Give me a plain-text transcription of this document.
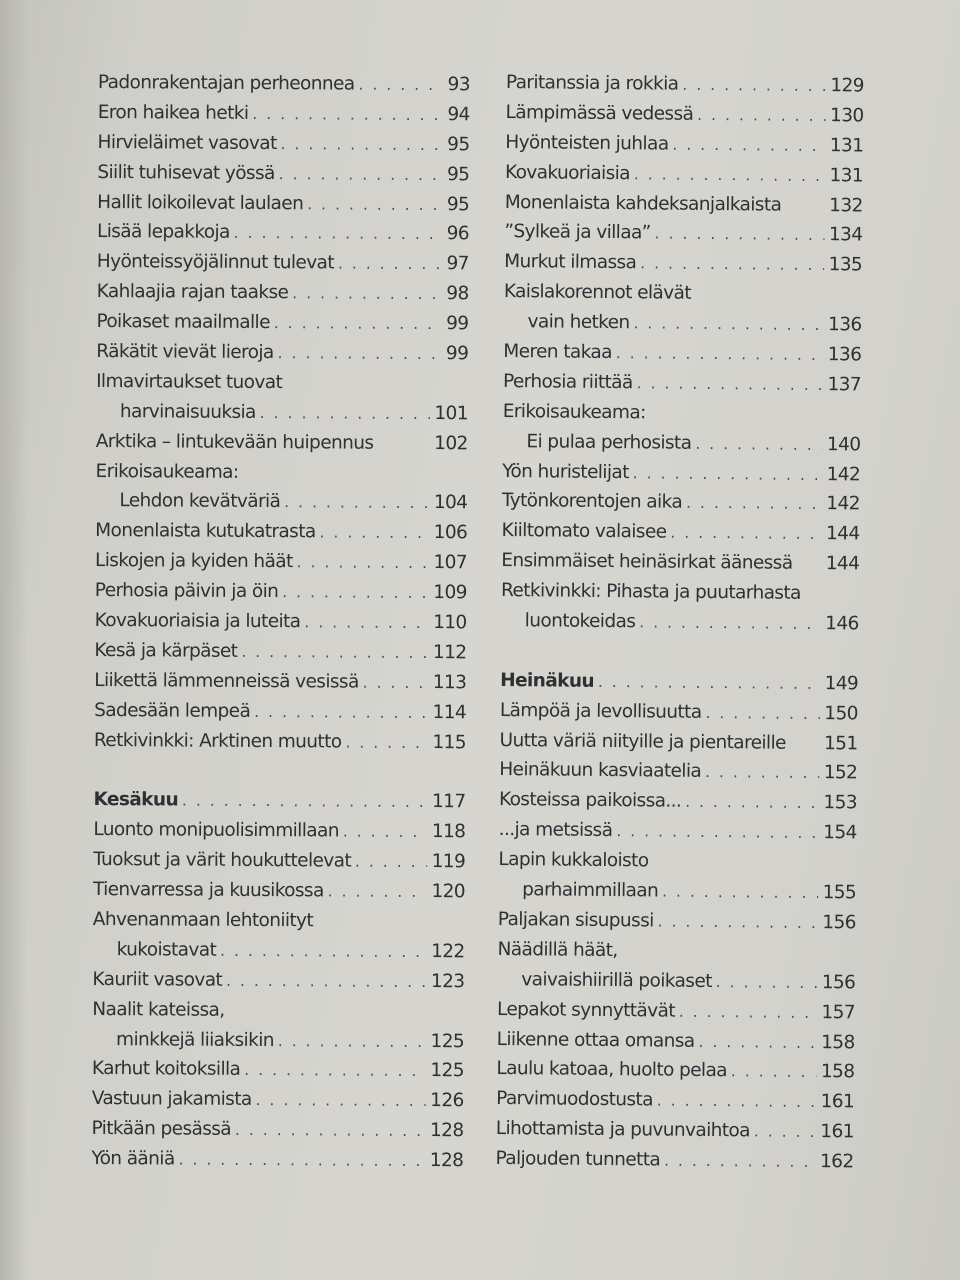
Padonrakentajan perheonnea . . .	93
Eron haikea hetki . . .	94
Hirvieläimet vasovat . . .	95
Siilit tuhisevat yössä . . .	95
Hallit loikoilevat laulaen . . .	95
Lisää lepakkoja . . .	96
Hyönteissyöjälinnut tulevat . . .	97
Kahlaajia rajan taakse . . .	98
Poikaset maailmalle . . .	99
Räkätit vievät lieroja . . .	99
Ilmavirtaukset tuovat
harvinaisuuksia . . .	101
Arktika – lintukevään huipennus	102
Erikoisaukeama:
Lehdon kevätväriä . . .	104
Monenlaista kutukatrasta . . .	106
Liskojen ja kyiden häät . . .	107
Perhosia päivin ja öin . . .	109
Kovakuoriaisia ja luteita . . .	110
Kesä ja kärpäset . . .	112
Liikettä lämmenneissä vesissä . . .	113
Sadesään lempeä . . .	114
Retkivinkki: Arktinen muutto . . .	115
Kesäkuu . . .	117
Luonto monipuolisimmillaan . . .	118
Tuoksut ja värit houkuttelevat . . .	119
Tienvarressa ja kuusikossa . . .	120
Ahvenanmaan lehtoniityt
kukoistavat . . .	122
Kauriit vasovat . . .	123
Naalit kateissa,
minkkejä liiaksikin . . .	125
Karhut koitoksilla . . .	125
Vastuun jakamista . . .	126
Pitkään pesässä . . .	128
Yön ääniä . . .	128
Paritanssia ja rokkia . . .	129
Lämpimässä vedessä . . .	130
Hyönteisten juhlaa . . .	131
Kovakuoriaisia . . .	131
Monenlaista kahdeksanjalkaista	132
”Sylkeä ja villaa” . . .	134
Murkut ilmassa . . .	135
Kaislakorennot elävät
vain hetken . . .	136
Meren takaa . . .	136
Perhosia riittää . . .	137
Erikoisaukeama:
Ei pulaa perhosista . . .	140
Yön huristelijat . . .	142
Tytönkorentojen aika . . .	142
Kiiltomato valaisee . . .	144
Ensimmäiset heinäsirkat äänessä 144
Retkivinkki: Pihasta ja puutarhasta
luontokeidas . . .	146
Heinäkuu . . .	149
Lämpöä ja levollisuutta . . .	150
Uutta väriä niityille ja pientareille 151
Heinäkuun kasviaatelia . . .	152
Kosteissa paikoissa... . . .	153
...ja metsissä . . .	154
Lapin kukkaloisto
parhaimmillaan . . .	155
Paljakan sisupussi . . .	156
Näädillä häät,
vaivaishiirillä poikaset . . .	156
Lepakot synnyttävät . . .	157
Liikenne ottaa omansa . . .	158
Laulu katoaa, huolto pelaa . . .	158
Parvimuodostusta . . .	161
Lihottamista ja puvunvaihtoa . . .	161
Paljouden tunnetta . . .	162
